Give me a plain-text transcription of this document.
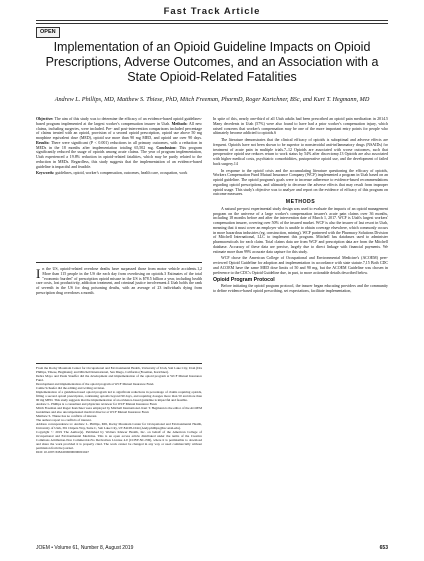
Fast Track Article
OPEN
Implementation of an Opioid Guideline Impacts on Opioid Prescriptions, Adverse Outcomes, and an Association with a State Opioid-Related Fatalities
Andrew L. Phillips, MD, Matthew S. Thiese, PhD, Mitch Freeman, PharmD, Roger Kartchner, BSc, and Kurt T. Hegmann, MD

Objective: The aim of this study was to determine the efficacy of an evidence-based opioid guidelines-based program implemented at the largest worker's compensation insurer in Utah. Methods: All new claims, including surgeries, were included. Pre- and post-intervention comparisons included percentage of claims treated with an opioid, provision of a second opioid prescription, opioid use above 50 mg morphine equivalent dose (MED), opioid use more than 90 mg MED, and opioid use over 90 days. Results: There were significant (P < 0.001) reductions in all primary outcomes, with a reduction in MEDs in the 18 months after implementation totaling 65,502 mg. Conclusion: This program significantly reduced the usage of opioids among acute claims. The year of program implementation, Utah experienced a 19.8% reduction in opioid-related fatalities, which may be partly related to the reduction in MEDs. Regardless, this study suggests that the implementation of an evidence-based guideline is impactful and feasible.

Keywords: guidelines, opioid, worker's compensation, outcomes, health care, occupation, work

In the US, opioid-related overdose deaths have surpassed those from motor vehicle accidents.1,2 More than 115 people in the US die each day from overdosing on opioids.3 Estimates of the total "economic burden" of prescription opioid misuse in the US is $78.5 billion a year, including health care costs, lost productivity, addiction treatment, and criminal justice involvement.4 Utah holds the rank of seventh in the US for drug poisoning deaths, with an average of 23 individuals dying from prescription drug overdoses a month.

From the Rocky Mountain Center for Occupational and Environmental Health, University of Utah, Salt Lake City, Utah (Drs Phillips, Thiese, Hegmann); and Mitchell International, San Diego, California (Freeman, Kartchner).

Debra Mayo and Paula Stauffer did the development and implementation of the opioid program at WCF Mutual Insurance Fund.

Development and implementation of the opioid program at WCF Mutual Insurance Fund.

Camie Schaefer did the editing and writing revision.

Implementation of a guideline-based opioid program led to significant reductions in percentage of claims requiring opioids, filling a second opioid prescription, continuing opioids beyond 90 days, and requiring dosages more than 50 and more than 90 mg MED. This study suggests that the implementation of an evidence-based guideline is impactful and feasible.

Andrew L. Phillips is a consultant and physician reviewer for WCF Mutual Insurance Fund.

Mitch Freeman and Roger Kartchner were employed by Mitchell International. Kurt T. Hegmann is the editor of the ACOEM Guidelines and also uncompensated medical director at WCF Mutual Insurance Fund.

Matthew S. Thiese has no conflicts of interest.

The authors report no conflicts of interest.

Address correspondence to: Andrew L. Phillips, MD, Rocky Mountain Center for Occupational and Environmental Health, University of Utah, 391 Chipeta Way, Suite C, Salt Lake City, UT 84108-1044 (Andy.phillips@hsc.utah.edu).

Copyright © 2019 The Author(s). Published by Wolters Kluwer Health, Inc. on behalf of the American College of Occupational and Environmental Medicine. This is an open access article distributed under the terms of the Creative Commons Attribution-Non Commercial-No Derivatives License 4.0 (CCBY-NC-ND), where it is permissible to download and share the work provided it is properly cited. The work cannot be changed in any way or used commercially without permission from the journal.

DOI: 10.1097/JOM.0000000000001647

In spite of this, nearly one-third of all Utah adults had been prescribed an opioid pain medication in 2014.5 Many decedents in Utah (57%) were also found to have had a prior worker's compensation injury, which raised concerns that worker's compensation may be one of the more important entry points for people who ultimately become addicted to opioids.6

The literature demonstrates that the clinical efficacy of opioids is suboptimal and adverse effects are frequent. Opioids have not been shown to be superior to nonsteroidal anti-inflammatory drugs (NSAIDs) for treatment of acute pain in multiple trials.7–12 Opioids are associated with worse outcomes, such that preoperative opioid use reduces return to work status by 54% after discectomy.13 Opioids are also associated with higher medical costs, psychiatric comorbidities, postoperative opioid use, and the development of failed back surgery.14

In response to the opioid crisis and the accumulating literature questioning the efficacy of opioids, Workers Compensation Fund Mutual Insurance Company (WCF) implemented a program in Utah based on an opioid guideline. The opioid program's goals were to increase adherence to evidence-based recommendations regarding opioid prescriptions, and ultimately to decrease the adverse effects that may result from improper opioid usage. This study's objective was to analyze and report on the evidence of efficacy of this program on outcome measures.

METHODS

A natural pre-post experimental study design was used to evaluate the impacts of an opioid management program on the universe of a large worker's compensation insurer's acute pain claims over 36 months, including 18 months before and after the intervention date of March 1, 2017. WCF is Utah's largest workers' compensation insurer, covering over 50% of the insured market. WCF is also the insurer of last resort in Utah, meaning that it must cover an employer who is unable to obtain coverage elsewhere, which commonly occurs in more hazardous industries (eg, construction, mining). WCF partnered with the Pharmacy Solutions Division of Mitchell International, LLC to implement this program. Mitchell has databases used to administer pharmaceuticals for each claim. Total claims data are from WCF and prescription data are from the Mitchell database. Accuracy of these data are precise, largely due to direct linkage with financial payments. We estimate more than 99% accurate data capture for this study.

WCF chose the American College of Occupational and Environmental Medicine's (ACOEM) peer-reviewed Opioid Guideline for adoption and implementation in accordance with state statute.7,15 Both CDC and ACOEM have the same MED dose limits of 50 and 90 mg, but the ACOEM Guideline was chosen in preference to the CDC's Opioid Guideline due, in part, to more actionable details described below.

Opioid Program Protocol

Before initiating the opioid program protocol, the insurer began educating providers and the community to define evidence-based opioid prescribing, set expectations, facilitate implementation,

JOEM • Volume 61, Number 8, August 2019	653
